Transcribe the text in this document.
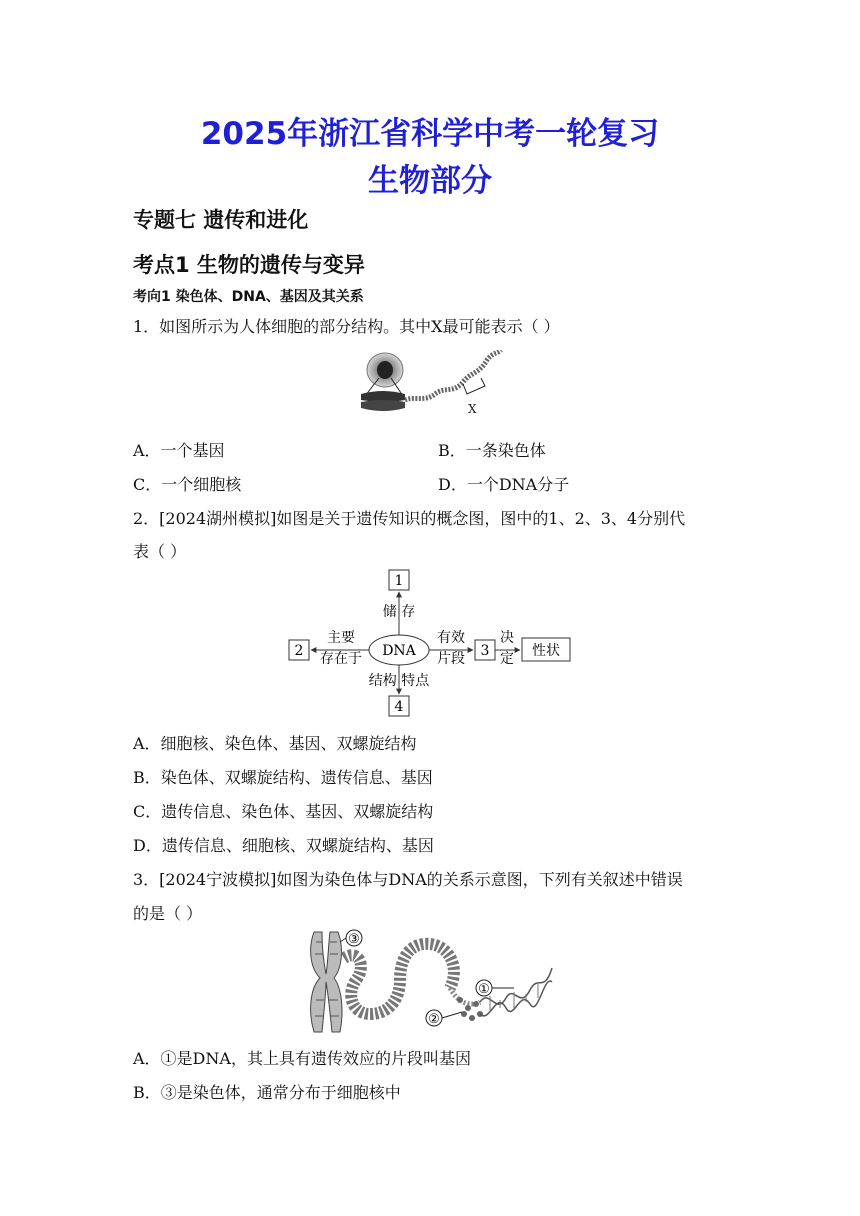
2025年浙江省科学中考一轮复习
生物部分
专题七 遗传和进化
考点1 生物的遗传与变异
考向1 染色体、DNA、基因及其关系
1．如图所示为人体细胞的部分结构。其中X最可能表示（ ）
X
A．一个基因	B．一条染色体
C．一个细胞核	D．一个DNA分子
2．[2024湖州模拟]如图是关于遗传知识的概念图，图中的1、2、3、4分别代
表（ ）
1
2	3
4
性状
DNA
储 存
主要
存在于
有效
片段
决
定
结构 特点
A．细胞核、染色体、基因、双螺旋结构
B．染色体、双螺旋结构、遗传信息、基因
C．遗传信息、染色体、基因、双螺旋结构
D．遗传信息、细胞核、双螺旋结构、基因
3．[2024宁波模拟]如图为染色体与DNA的关系示意图，下列有关叙述中错误
的是（ ）
③
①
②
A．①是DNA，其上具有遗传效应的片段叫基因
B．③是染色体，通常分布于细胞核中
